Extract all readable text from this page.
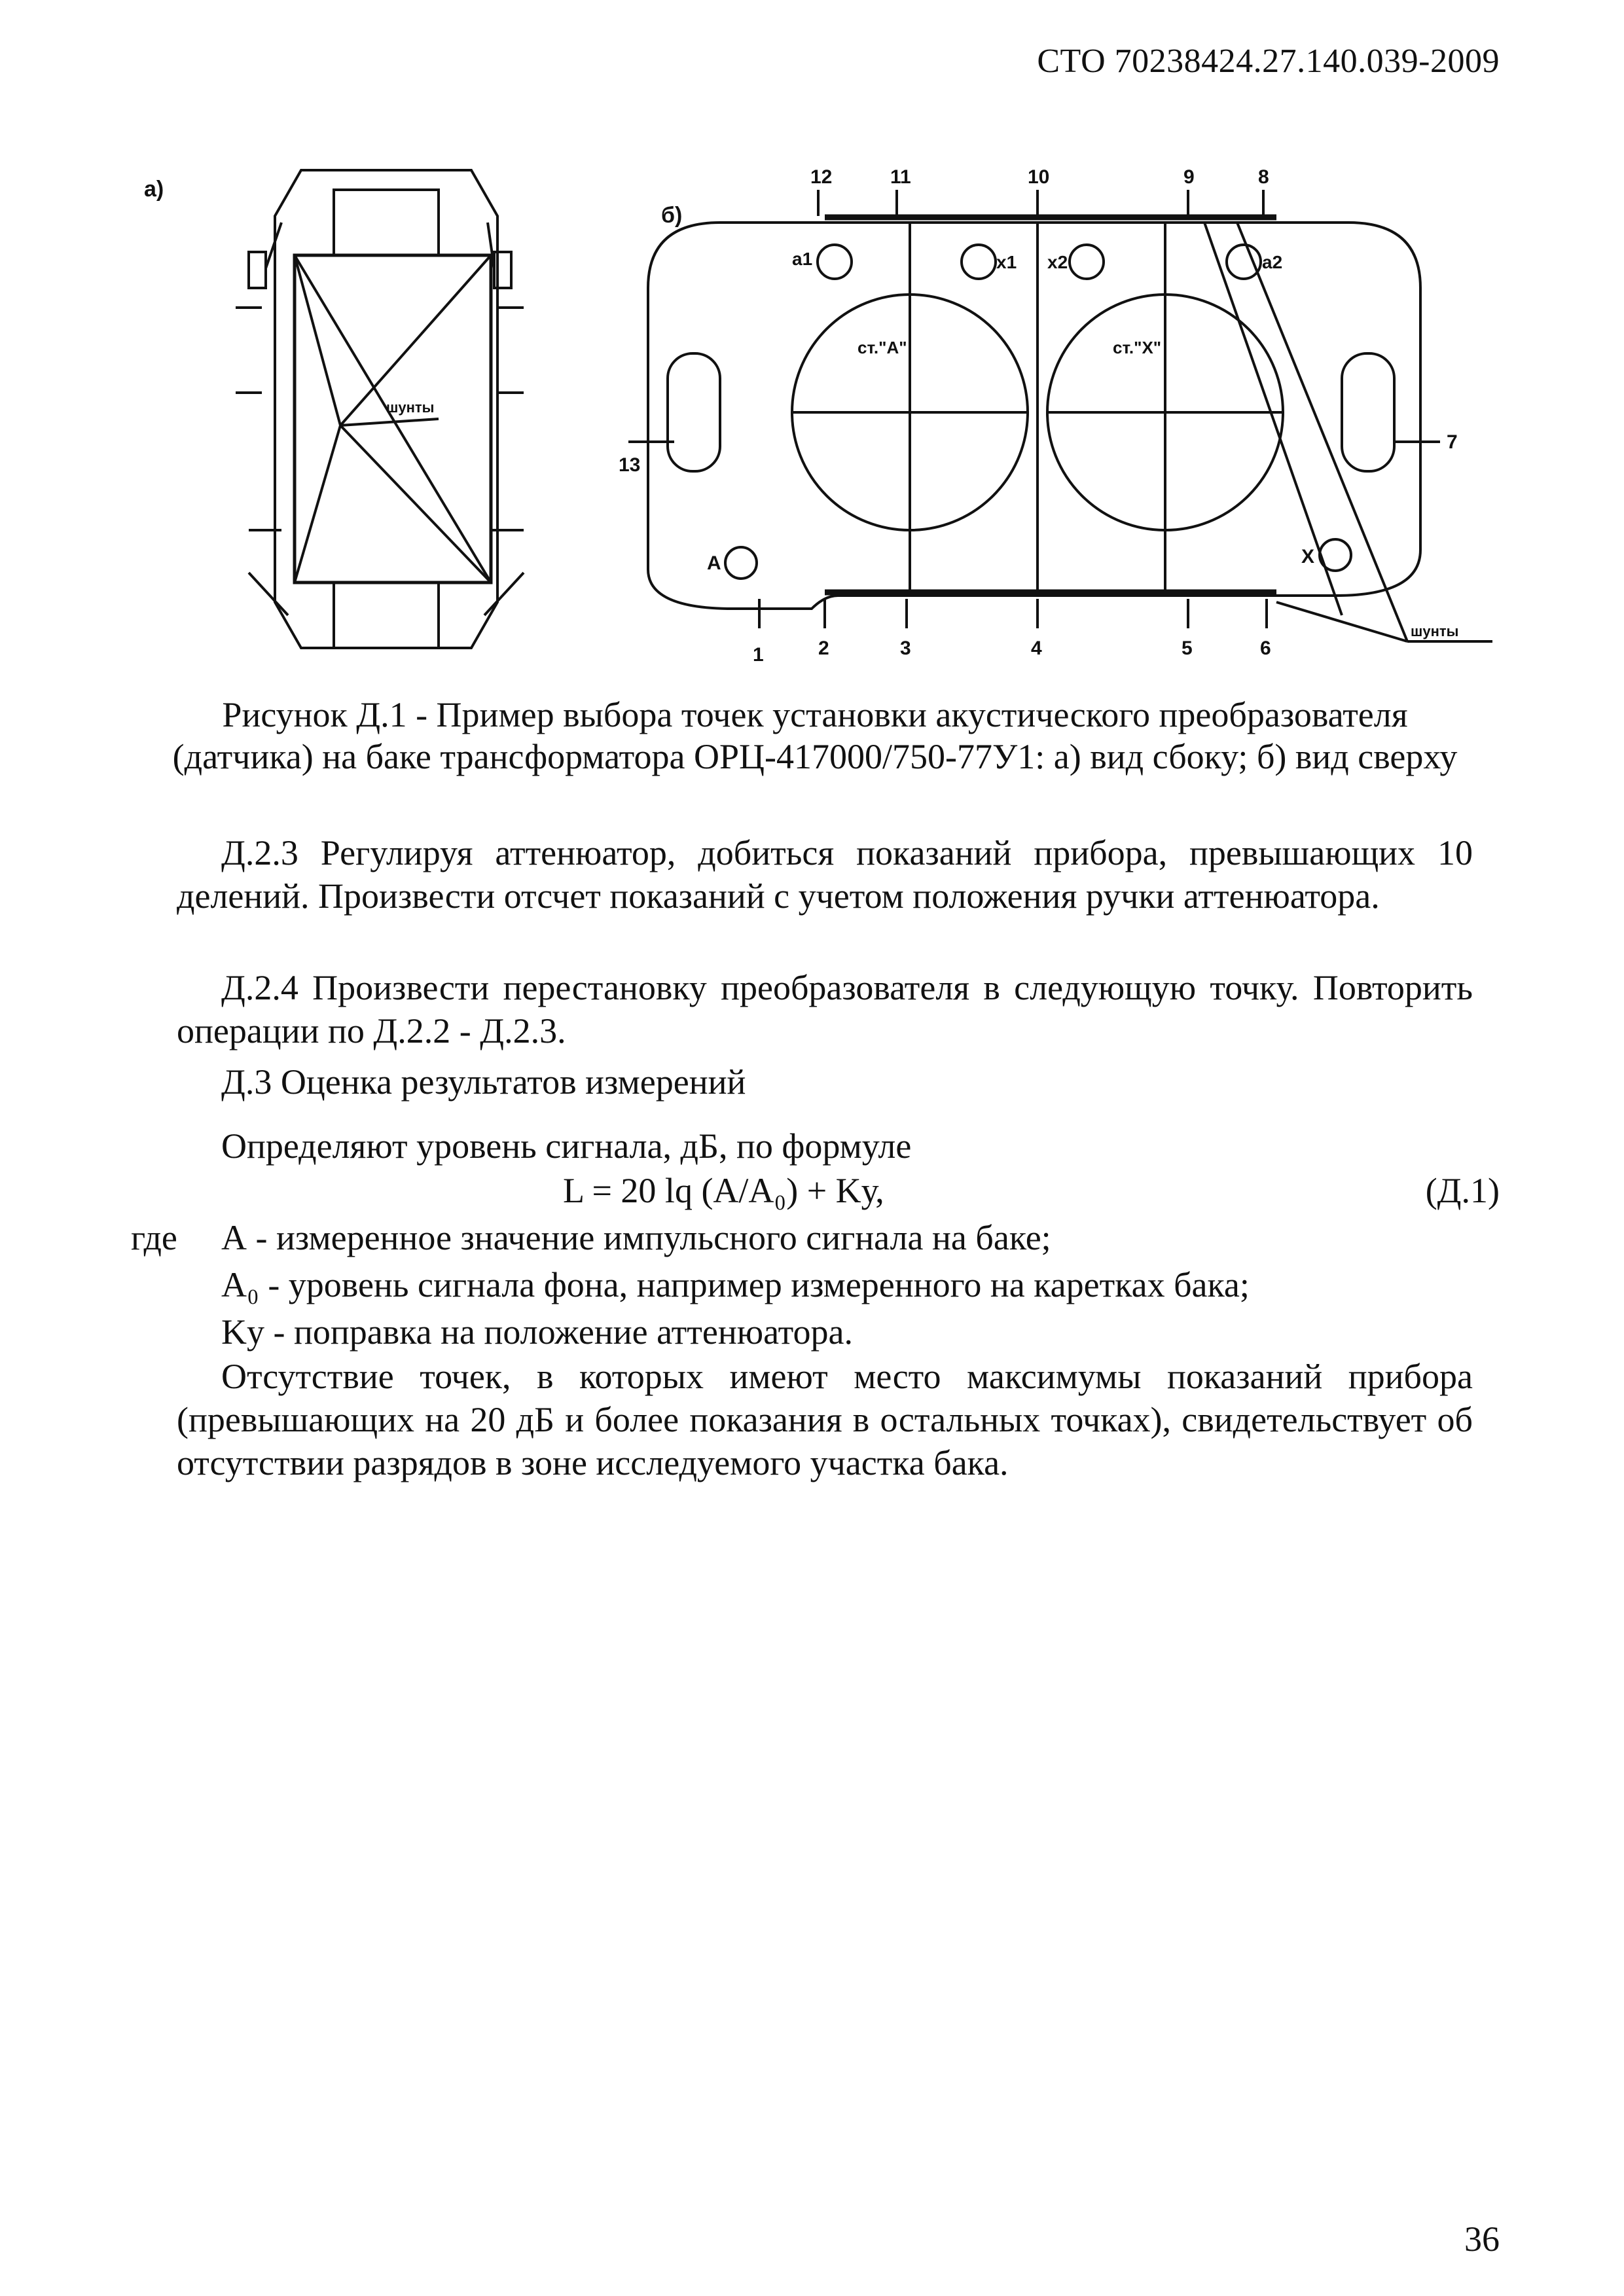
СТО 70238424.27.140.039-2009
а)
б)
шунты
12	11	10	9	8
1	2	3	4	5	6
13
7
а1	х1 х2	а2
А	Х
ст."А"	ст."Х"
шунты
Рисунок Д.1 - Пример выбора точек установки акустического преобразователя (датчика) на баке трансформатора ОРЦ-417000/750-77У1: а) вид сбоку; б) вид сверху
Д.2.3 Регулируя аттенюатор, добиться показаний прибора, превышающих 10 делений. Произвести отсчет показаний с учетом положения ручки аттенюатора.
Д.2.4 Произвести перестановку преобразователя в следующую точку. Повторить операции по Д.2.2 - Д.2.3.
Д.3 Оценка результатов измерений
Определяют уровень сигнала, дБ, по формуле
L = 20 lq (A/A₀) + Kу,	(Д.1)
где А - измеренное значение импульсного сигнала на баке;
A₀ - уровень сигнала фона, например измеренного на каретках бака;
Kу - поправка на положение аттенюатора.
Отсутствие точек, в которых имеют место максимумы показаний прибора (превышающих на 20 дБ и более показания в остальных точках), свидетельствует об отсутствии разрядов в зоне исследуемого участка бака.
36
